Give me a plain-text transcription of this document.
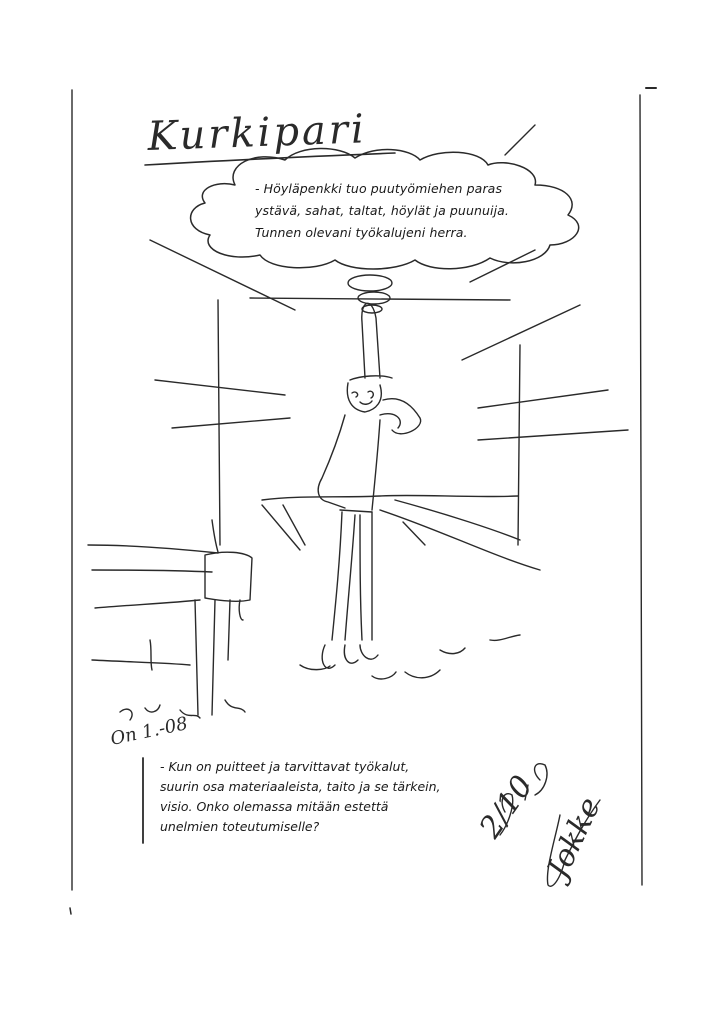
Kurkipari
On 1.-08
2/10 Jokke
- Höyläpenkki tuo puutyömiehen paras
ystävä, sahat, taltat, höylät ja puunuija.
Tunnen olevani työkalujeni herra.
- Kun on puitteet ja tarvittavat työkalut,
suurin osa materiaaleista, taito ja se tärkein,
visio. Onko olemassa mitään estettä
unelmien toteutumiselle?
